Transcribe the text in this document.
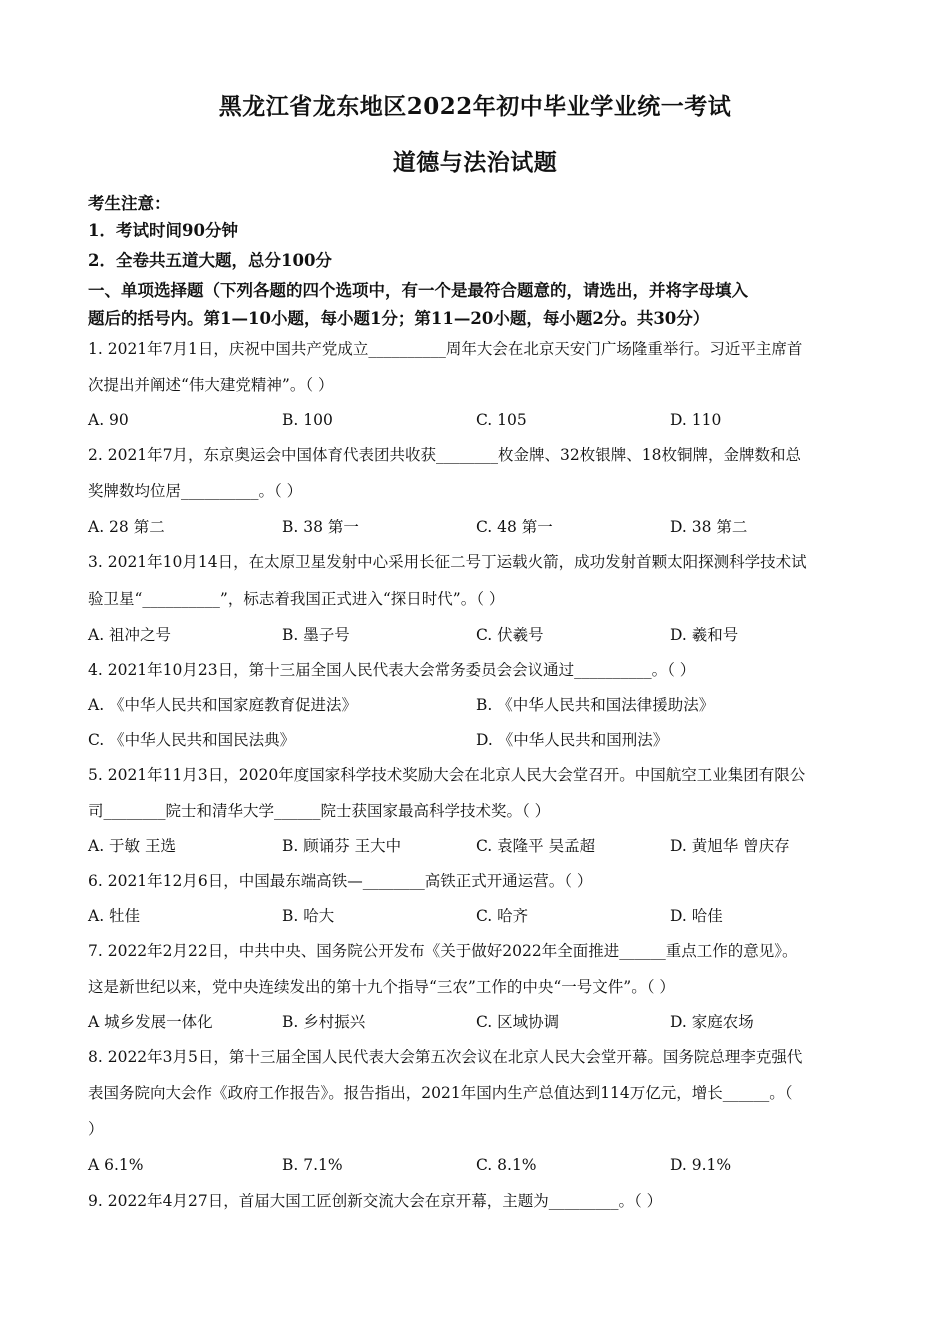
黑龙江省龙东地区2022年初中毕业学业统一考试
道德与法治试题
考生注意：
1．考试时间90分钟
2．全卷共五道大题，总分100分
一、单项选择题（下列各题的四个选项中，有一个是最符合题意的，请选出，并将字母填入
题后的括号内。第1—10小题，每小题1分；第11—20小题，每小题2分。共30分）
1. 2021年7月1日，庆祝中国共产党成立__________周年大会在北京天安门广场隆重举行。习近平主席首
次提出并阐述“伟大建党精神”。（ ）
A. 90	B. 100	C. 105	D. 110
2. 2021年7月，东京奥运会中国体育代表团共收获________枚金牌、32枚银牌、18枚铜牌，金牌数和总
奖牌数均位居__________。（ ）
A. 28 第二	B. 38 第一	C. 48 第一	D. 38 第二
3. 2021年10月14日，在太原卫星发射中心采用长征二号丁运载火箭，成功发射首颗太阳探测科学技术试
验卫星“__________”，标志着我国正式进入“探日时代”。（ ）
A. 祖冲之号	B. 墨子号	C. 伏羲号	D. 羲和号
4. 2021年10月23日，第十三届全国人民代表大会常务委员会会议通过__________。（ ）
A. 《中华人民共和国家庭教育促进法》	B. 《中华人民共和国法律援助法》
C. 《中华人民共和国民法典》	D. 《中华人民共和国刑法》
5. 2021年11月3日，2020年度国家科学技术奖励大会在北京人民大会堂召开。中国航空工业集团有限公
司________院士和清华大学______院士获国家最高科学技术奖。（ ）
A. 于敏 王选	B. 顾诵芬 王大中	C. 袁隆平 吴孟超	D. 黄旭华 曾庆存
6. 2021年12月6日，中国最东端高铁—________高铁正式开通运营。（ ）
A. 牡佳	B. 哈大	C. 哈齐	D. 哈佳
7. 2022年2月22日，中共中央、国务院公开发布《关于做好2022年全面推进______重点工作的意见》。
这是新世纪以来，党中央连续发出的第十九个指导“三农”工作的中央“一号文件”。（ ）
A 城乡发展一体化	B. 乡村振兴	C. 区域协调	D. 家庭农场
8. 2022年3月5日，第十三届全国人民代表大会第五次会议在北京人民大会堂开幕。国务院总理李克强代
表国务院向大会作《政府工作报告》。报告指出，2021年国内生产总值达到114万亿元，增长______。（
）
A 6.1%	B. 7.1%	C. 8.1%	D. 9.1%
9. 2022年4月27日，首届大国工匠创新交流大会在京开幕，主题为_________。（ ）
